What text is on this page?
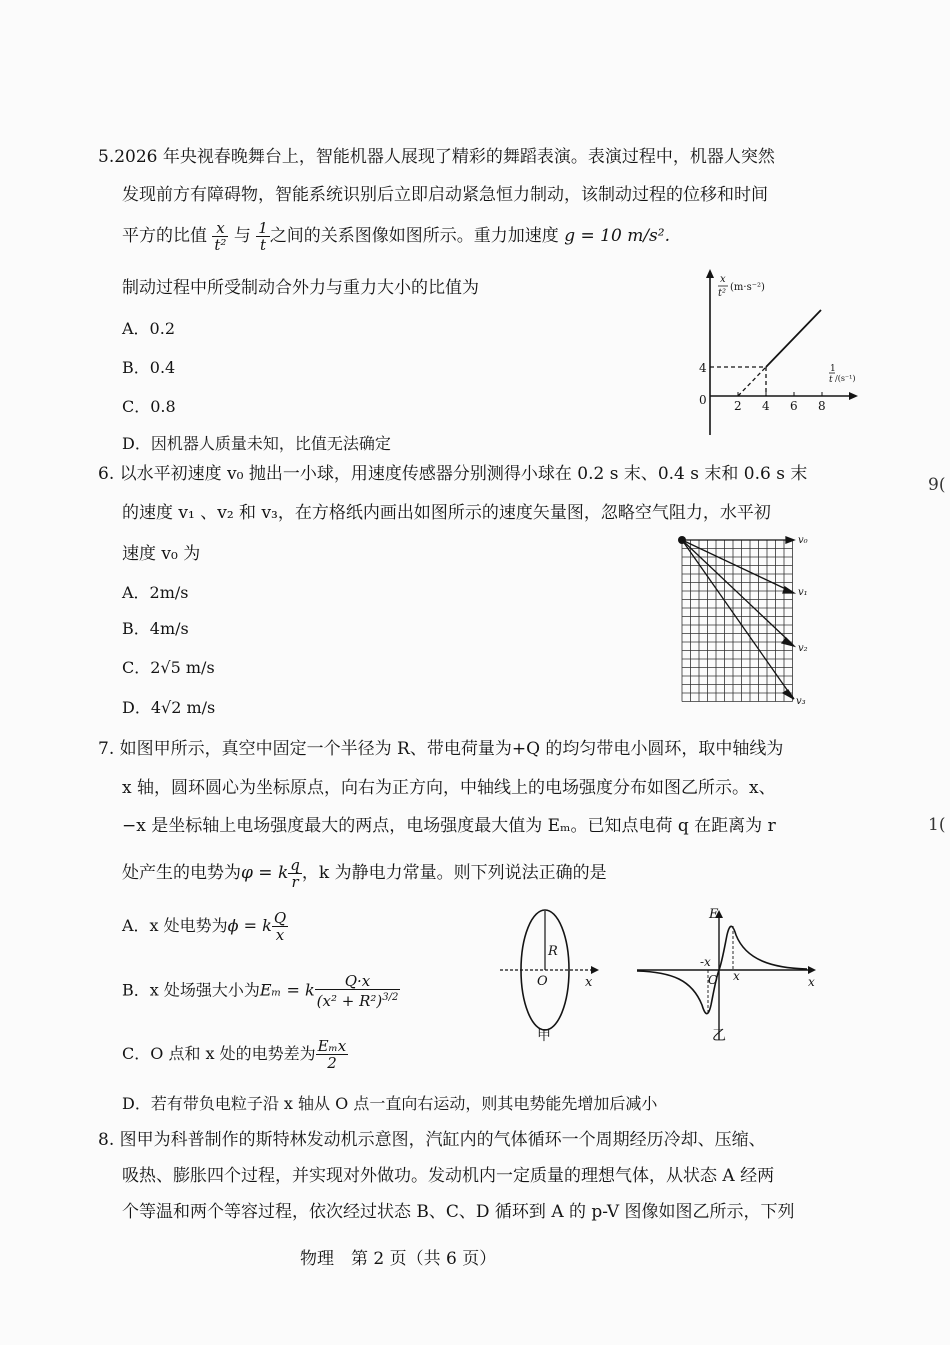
5.2026 年央视春晚舞台上，智能机器人展现了精彩的舞蹈表演。表演过程中，机器人突然
发现前方有障碍物，智能系统识别后立即启动紧急恒力制动，该制动过程的位移和时间
平方的比值 $\frac{x}{\text{t²}}$ 与 $\frac{1}{t}$ 之间的关系图像如图所示。重力加速度 g = 10 m/s².
制动过程中所受制动合外力与重力大小的比值为
A．0.2
B．0.4
C．0.8
D．因机器人质量未知，比值无法确定
x
t²
(m·s⁻²)
1
t /(s⁻¹)
0
4
2 4 6 8
6. 以水平初速度 v₀ 抛出一小球，用速度传感器分别测得小球在 0.2 s 末、0.4 s 末和 0.6 s 末
的速度 v₁ 、v₂ 和 v₃，在方格纸内画出如图所示的速度矢量图，忽略空气阻力，水平初
速度 v₀ 为
A．2m/s
B．4m/s
C．2√5 m/s
D．4√2 m/s
v₀
v₁
v₂
v₃
7. 如图甲所示，真空中固定一个半径为 R、带电荷量为+Q 的均匀带电小圆环，取中轴线为
x 轴，圆环圆心为坐标原点，向右为正方向，中轴线上的电场强度分布如图乙所示。x、
−x 是坐标轴上电场强度最大的两点，电场强度最大值为 Eₘ。已知点电荷 q 在距离为 r
处产生的电势为φ = k $\frac{q}{r}$ ，k 为静电力常量。则下列说法正确的是
A．x 处电势为ϕ = k $\frac{Q}{x}$
B．x 处场强大小为Eₘ = k $\frac{Q\cdot x}{(x^2 + R^2)^{3/2}}$
C．O 点和 x 处的电势差为 $\frac{\text{Eₘx}}{2}$
D．若有带负电粒子沿 x 轴从 O 点一直向右运动，则其电势能先增加后减小
R
O	x
甲
E
-x
O x	x
乙
8. 图甲为科普制作的斯特林发动机示意图，汽缸内的气体循环一个周期经历冷却、压缩、
吸热、膨胀四个过程，并实现对外做功。发动机内一定质量的理想气体，从状态 A 经两
个等温和两个等容过程，依次经过状态 B、C、D 循环到 A 的 p-V 图像如图乙所示，下列
9(
1(
物理　第 2 页（共 6 页）
